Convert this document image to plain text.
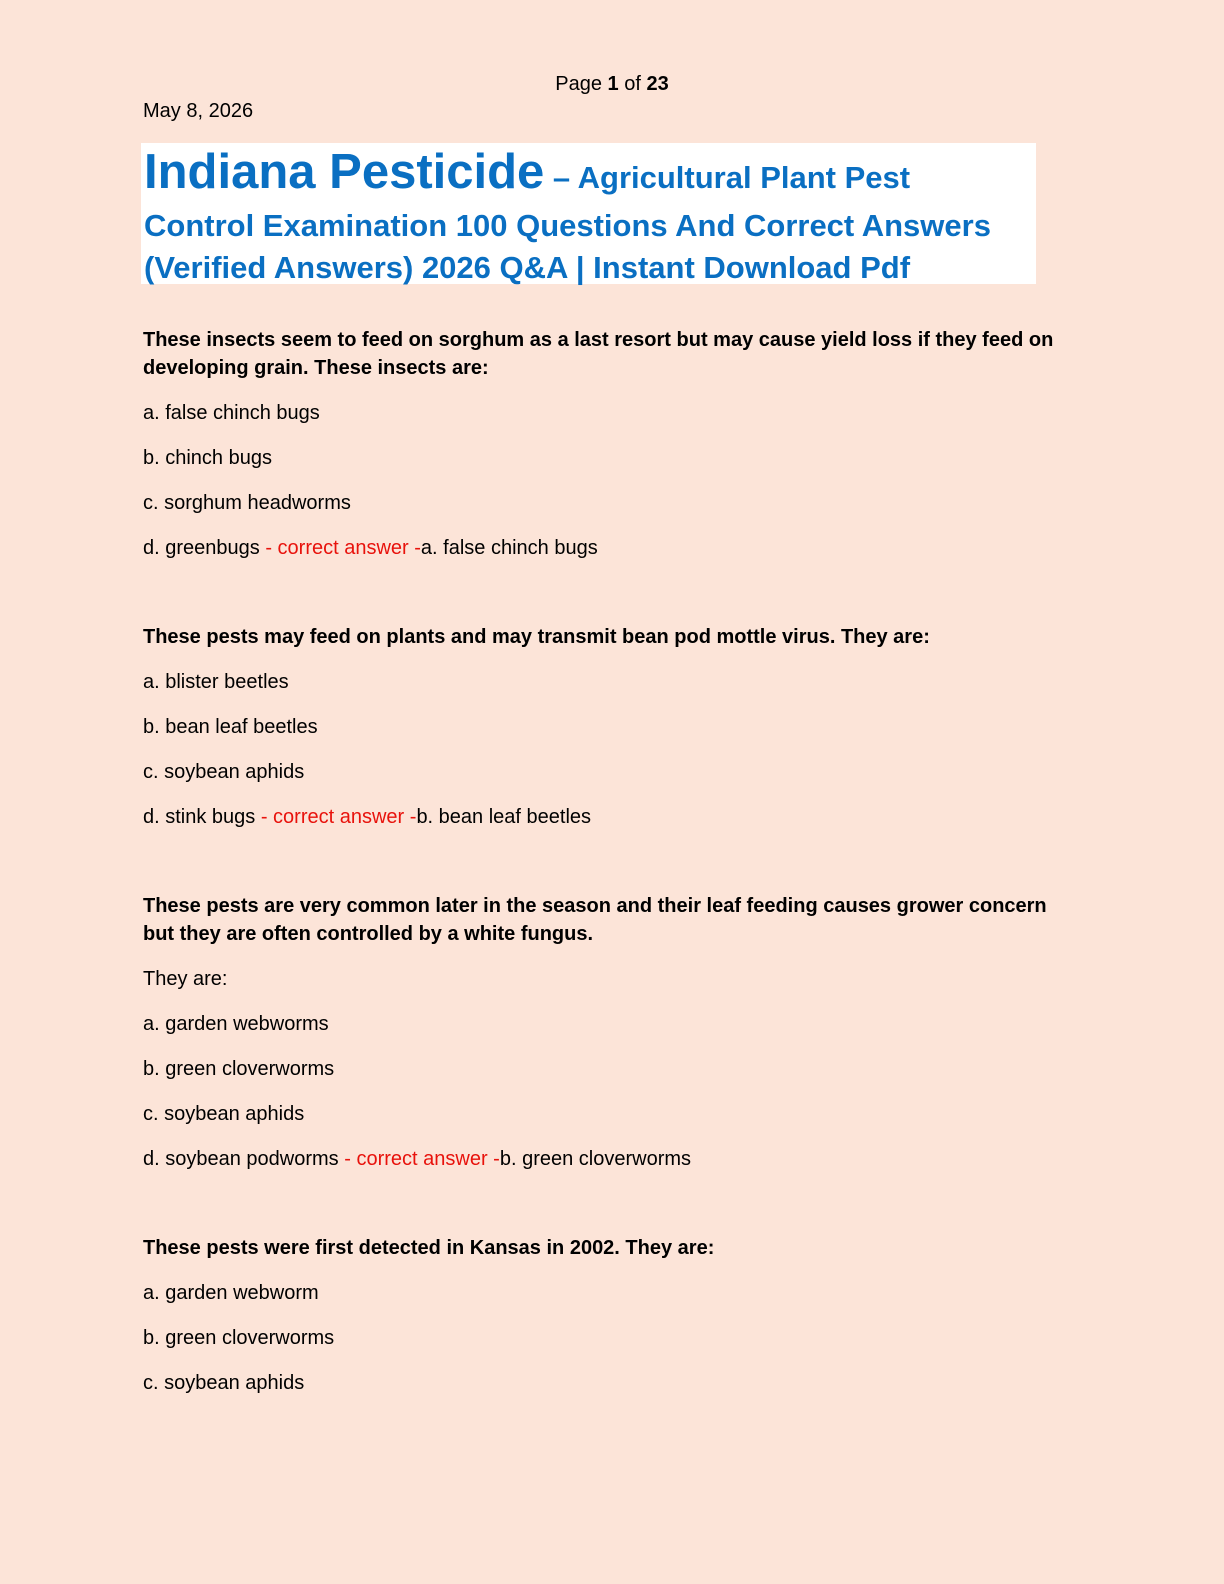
Page 1 of 23
May 8, 2026
Indiana Pesticide – Agricultural Plant Pest
Control Examination 100 Questions And Correct Answers
(Verified Answers) 2026 Q&A | Instant Download Pdf
These insects seem to feed on sorghum as a last resort but may cause yield loss if they feed on developing grain. These insects are:
a. false chinch bugs
b. chinch bugs
c. sorghum headworms
d. greenbugs - correct answer -a. false chinch bugs
These pests may feed on plants and may transmit bean pod mottle virus. They are:
a. blister beetles
b. bean leaf beetles
c. soybean aphids
d. stink bugs - correct answer -b. bean leaf beetles
These pests are very common later in the season and their leaf feeding causes grower concern but they are often controlled by a white fungus.
They are:
a. garden webworms
b. green cloverworms
c. soybean aphids
d. soybean podworms - correct answer -b. green cloverworms
These pests were first detected in Kansas in 2002. They are:
a. garden webworm
b. green cloverworms
c. soybean aphids
